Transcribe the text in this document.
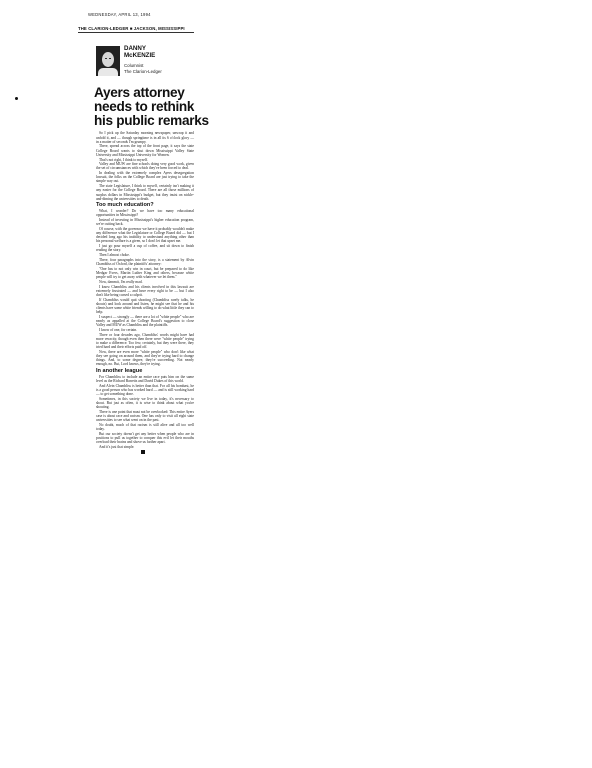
WEDNESDAY, APRIL 13, 1994
THE CLARION-LEDGER ■ JACKSON, MISSISSIPPI
DANNY
McKENZIE
Columnist
The Clarion-Ledger
Ayers attorney
needs to rethink
his public remarks

So I pick up the Saturday morning newspaper, unwrap it and unfold it, and — though springtime is in all its 6 o'clock glory — in a matter of seconds I'm grumpy.

There, spread across the top of the front page, it says the state College Board wants to shut down Mississippi Valley State University and Mississippi University for Women.

That's not right, I think to myself.

Valley and MUW are fine schools doing very good work, given the set of circumstances with which they've been forced to deal.

In dealing with the extremely complex Ayers desegregation lawsuit, the folks on the College Board are just trying to take the simple way out.

The state Legislature, I think to myself, certainly isn't making it any easier for the College Board. There are all those millions of surplus dollars in Mississippi's budget, but they insist on nickle-and-diming the universities to death.

Too much education?

What, I wonder? Do we have too many educational opportunities in Mississippi?

Instead of investing in Mississippi's higher education program, we're cutting back.

Of course, with the governor we have it probably wouldn't make any difference what the Legislature or College Board did — but I decided long ago his inability to understand anything other than his personal welfare is a given, so I don't let that upset me.

I just go pour myself a cup of coffee, and sit down to finish reading the story.

Then I almost choke.

There, four paragraphs into the story, is a statement by Alvin Chambliss of Oxford, the plaintiffs' attorney:

"One has to not only win in court, but be prepared to do like Medgar Evers, Martin Luther King and others, because white people will try to get away with whatever we let them."

Now, dammit, I'm really mad.

I know Chambliss and his clients involved in this lawsuit are extremely frustrated — and have every right to be — but I also don't like being cursed a culprit.

If Chambliss would quit shooting (Chambliss rarely talks, he shouts) and look around and listen, he might see that he and his clients have some white friends willing to do what little they can to help.

I suspect — strongly — there are a lot of "white people" who are nearly as appalled at the College Board's suggestion to close Valley and MUW as Chambliss and the plaintiffs.

I know of one, for certain.

Three or four decades ago, Chambliss' words might have had more veracity, though even then there were "white people" trying to make a difference. Too few, certainly, but they were there, they tried hard and their efforts paid off.

Now, there are even more "white people" who don't like what they see going on around them, and they're trying hard to change things. And, to some degree, they're succeeding. Not nearly enough, no. But, Lord knows, they're trying.

In another league

For Chambliss to include an entire race puts him on the same level as the Richard Barretts and David Dukes of this world.

And Alvin Chambliss is better than that. For all his bombast, he is a good person who has worked hard — and is still working hard — to get something done.

Sometimes, in this society we live in today, it's necessary to shout. But just as often, it is wise to think about what you're shouting.

There is one point that must not be overlooked: This entire Ayers case is about race and racism. One has only to visit all eight state universities to see what went on in the past.

No doubt, much of that racism is still alive and all too well today.

But our society doesn't get any better when people who are in positions to pull us together to conquer this evil let their mouths overload their brains and shove us farther apart.

And it's just that simple.
